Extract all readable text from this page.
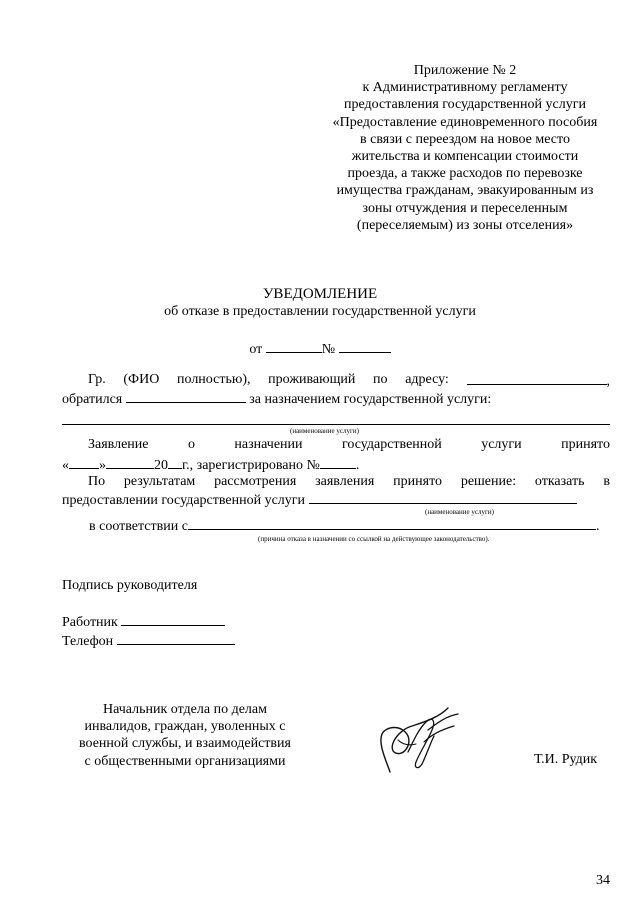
Приложение № 2
к Административному регламенту
предоставления государственной услуги
«Предоставление единовременного пособия
в связи с переездом на новое место
жительства и компенсации стоимости
проезда, а также расходов по перевозке
имущества гражданам, эвакуированным из
зоны отчуждения и переселенным
(переселяемым) из зоны отселения»
УВЕДОМЛЕНИЕ
об отказе в предоставлении государственной услуги
от	№
Гр. (ФИО полностью), проживающий по адресу:	,
обратился	за назначением государственной услуги:
(наименование услуги)
Заявление	о	назначении	государственной	услуги	принято
« »	20 г., зарегистрировано №	.
По результатам рассмотрения заявления принято решение: отказать в
предоставлении государственной услуги
(наименование услуги)
в соответствии с	.
(причина отказа в назначении со ссылкой на действующее законодательство).
Подпись руководителя
Работник
Телефон
Начальник отдела по делам
инвалидов, граждан, уволенных с
военной службы, и взаимодействия
с общественными организациями	Т.И. Рудик
34
